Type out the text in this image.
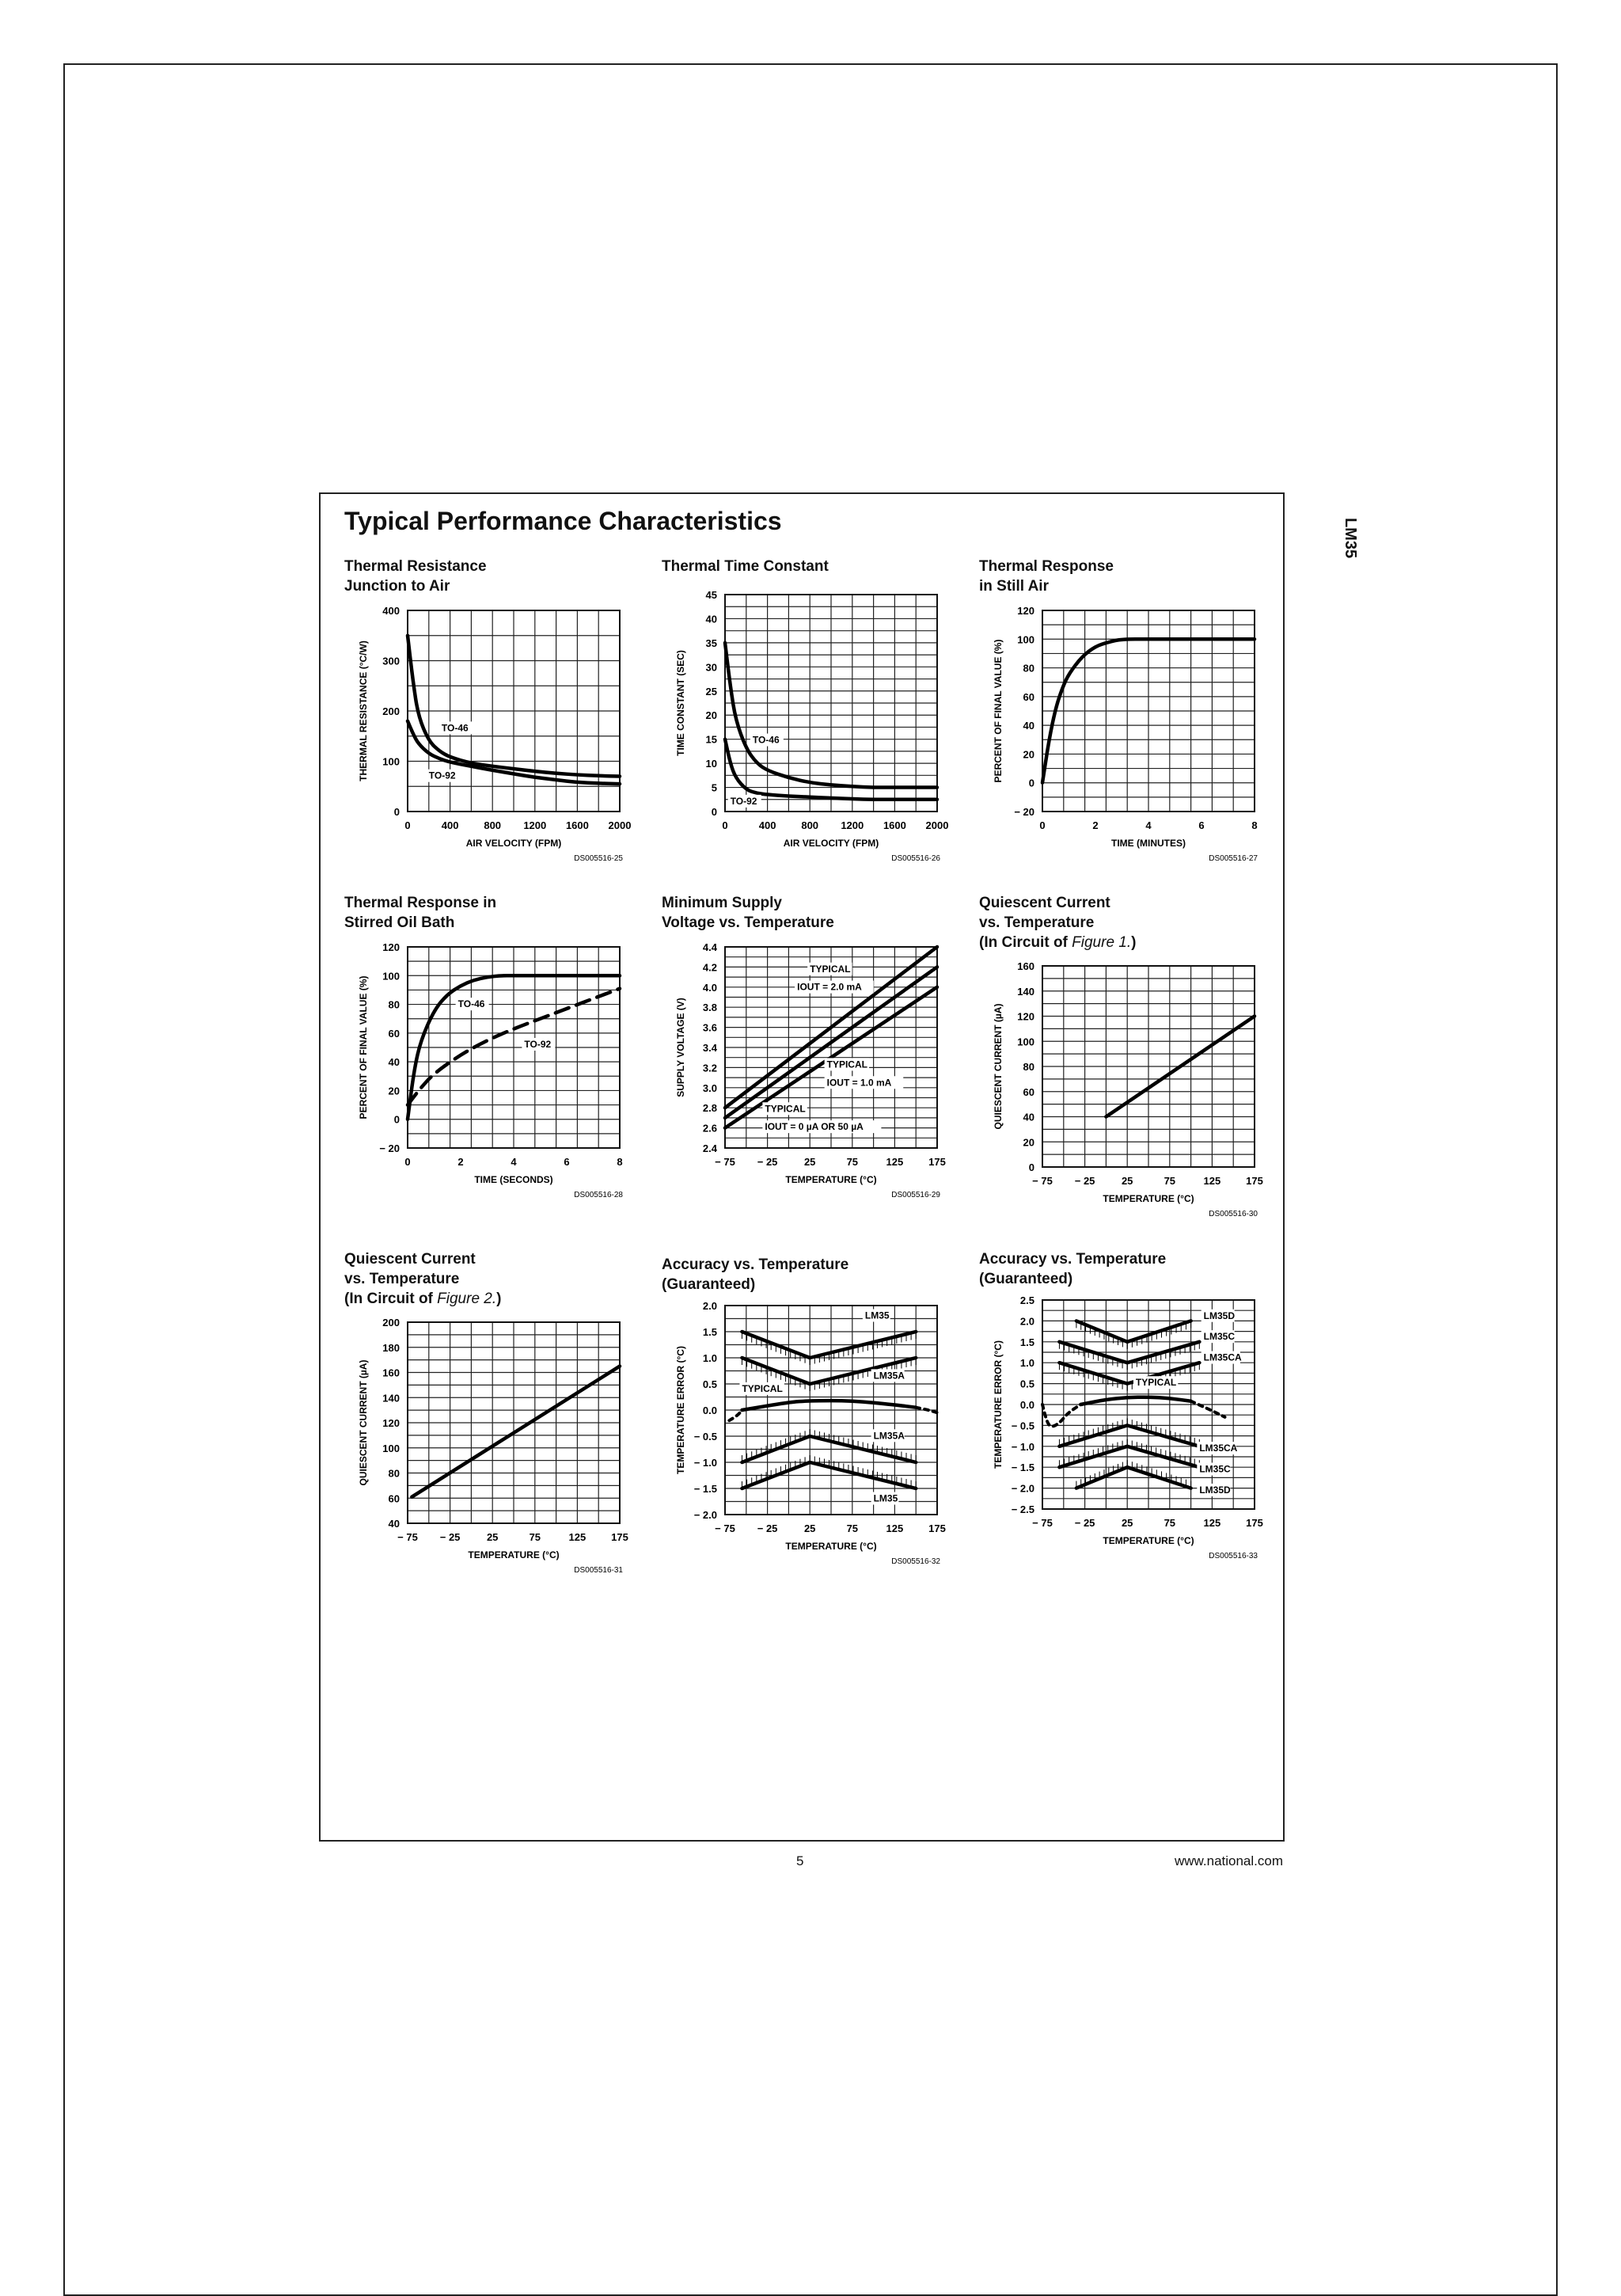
LM35
Typical Performance Characteristics
Thermal Resistance
Junction to Air
0
100
200
300
400
0	400 800 1200 1600 2000
AIR VELOCITY (FPM)
THERMAL RESISTANCE (°C/W)
DS005516-25
TO-46
TO-92
Thermal Time Constant
0
5
10
15
20
25
30
35
40
45
0	400 800 1200 1600 2000
AIR VELOCITY (FPM)
TIME CONSTANT (SEC)
DS005516-26
TO-46
TO-92
Thermal Response
in Still Air
− 20
0
20
40
60
80
100
120
0	2	4	6	8
TIME (MINUTES)
PERCENT OF FINAL VALUE (%)
DS005516-27
Thermal Response in
Stirred Oil Bath
− 20
0
20
40
60
80
100
120
0	2	4	6	8
TIME (SECONDS)
PERCENT OF FINAL VALUE (%)
DS005516-28
TO-46
TO-92
Minimum Supply
Voltage vs. Temperature
2.4
2.6
2.8
3.0
3.2
3.4
3.6
3.8
4.0
4.2
4.4
− 75 − 25	25	75	125 175
TEMPERATURE (°C)
SUPPLY VOLTAGE (V)
DS005516-29
TYPICAL
IOUT = 2.0 mA
TYPICAL
IOUT = 1.0 mA
TYPICAL
IOUT = 0 µA OR 50 µA
Quiescent Current
vs. Temperature
(In Circuit of Figure 1.)
0
20
40
60
80
100
120
140
160
− 75 − 25	25	75	125 175
TEMPERATURE (°C)
QUIESCENT CURRENT (µA)
DS005516-30
Quiescent Current
vs. Temperature
(In Circuit of Figure 2.)
40
60
80
100
120
140
160
180
200
− 75 − 25	25	75	125 175
TEMPERATURE (°C)
QUIESCENT CURRENT (µA)
DS005516-31
Accuracy vs. Temperature
(Guaranteed)
− 2.0
− 1.5
− 1.0
− 0.5
0.0
0.5
1.0
1.5
2.0
− 75 − 25	25	75	125 175
TEMPERATURE (°C)
TEMPERATURE ERROR (°C)
DS005516-32
LM35
LM35A
TYPICAL
LM35A
LM35
Accuracy vs. Temperature
(Guaranteed)
− 2.5
− 2.0
− 1.5
− 1.0
− 0.5
0.0
0.5
1.0
1.5
2.0
2.5
− 75 − 25	25	75	125 175
TEMPERATURE (°C)
TEMPERATURE ERROR (°C)
DS005516-33
LM35D
LM35C
LM35CA
TYPICAL
LM35CA
LM35C
LM35D
5	www.national.com
